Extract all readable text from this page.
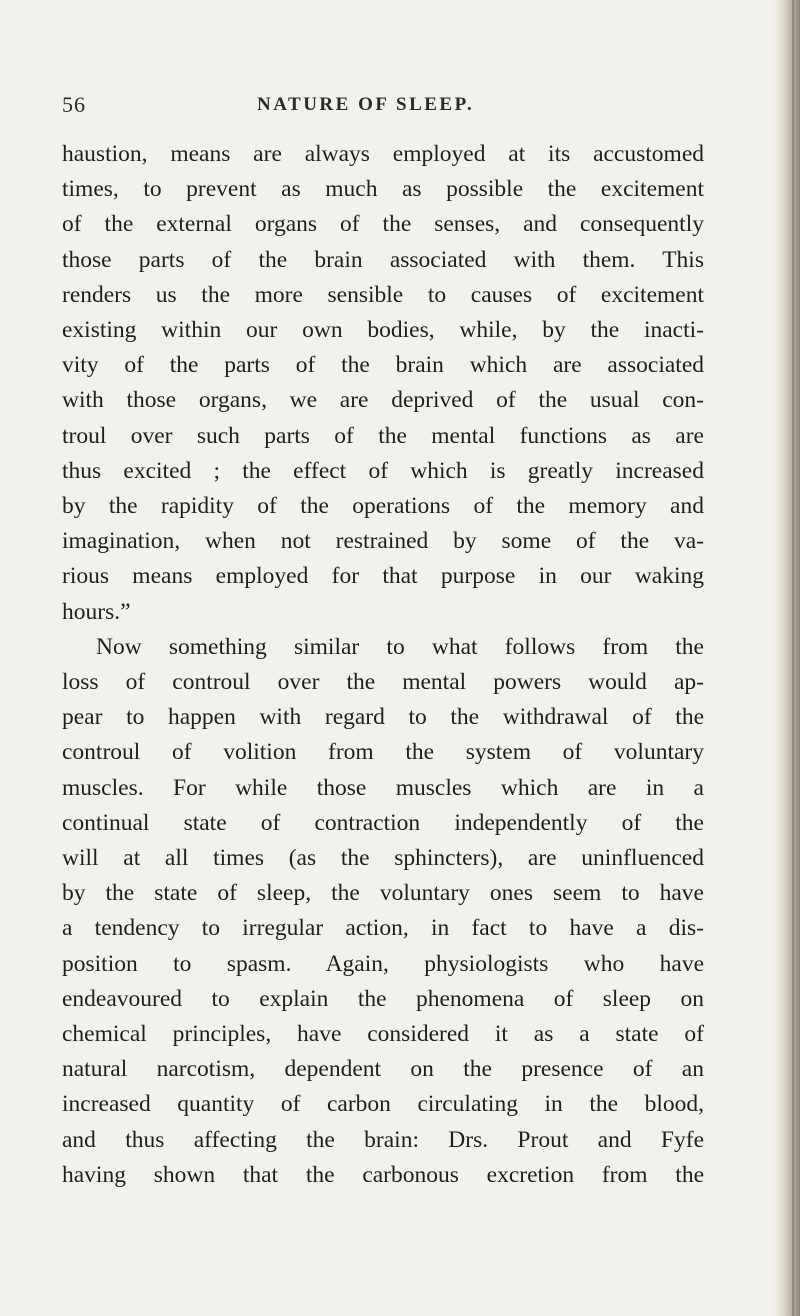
56	NATURE OF SLEEP.

haustion, means are always employed at its accustomed

times, to prevent as much as possible the excitement

of the external organs of the senses, and consequently

those parts of the brain associated with them. This

renders us the more sensible to causes of excitement

existing within our own bodies, while, by the inacti-

vity of the parts of the brain which are associated

with those organs, we are deprived of the usual con-

troul over such parts of the mental functions as are

thus excited ; the effect of which is greatly increased

by the rapidity of the operations of the memory and

imagination, when not restrained by some of the va-

rious means employed for that purpose in our waking

hours.”

Now something similar to what follows from the

loss of controul over the mental powers would ap-

pear to happen with regard to the withdrawal of the

controul of volition from the system of voluntary

muscles. For while those muscles which are in a

continual state of contraction independently of the

will at all times (as the sphincters), are uninfluenced

by the state of sleep, the voluntary ones seem to have

a tendency to irregular action, in fact to have a dis-

position to spasm. Again, physiologists who have

endeavoured to explain the phenomena of sleep on

chemical principles, have considered it as a state of

natural narcotism, dependent on the presence of an

increased quantity of carbon circulating in the blood,

and thus affecting the brain: Drs. Prout and Fyfe

having shown that the carbonous excretion from the
